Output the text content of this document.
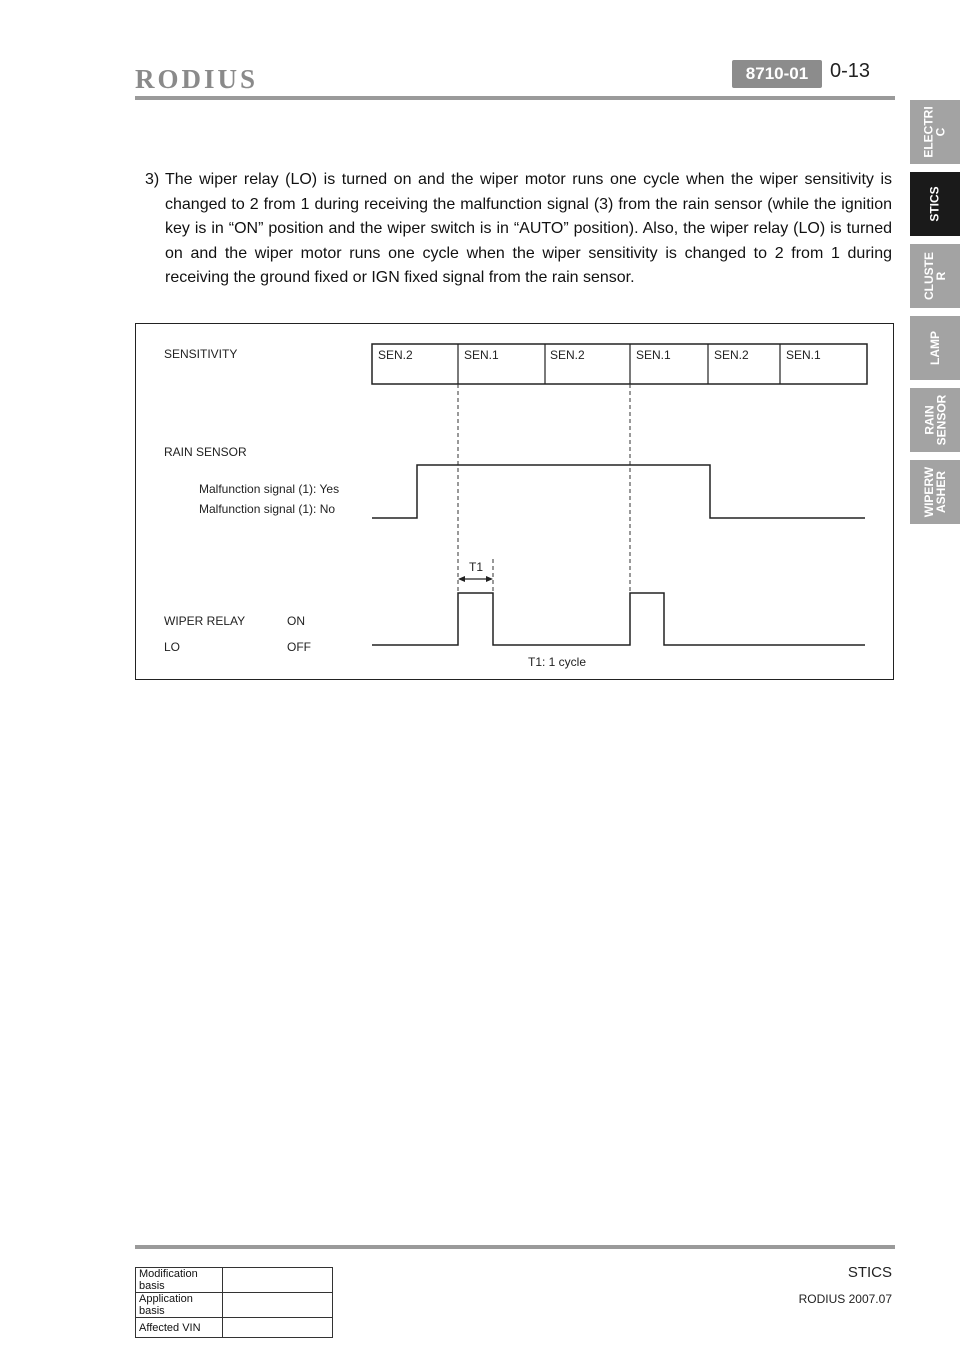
RODIUS	8710-01	0-13
ELECTRI
C
STICS
CLUSTE
R
LAMP
RAIN
SENSOR
WIPERW
ASHER
3) The wiper relay (LO) is turned on and the wiper motor runs one cycle when the wiper sensitivity is changed to 2 from 1 during receiving the malfunction signal (3) from the rain sensor (while the ignition key is in “ON” position and the wiper switch is in “AUTO” position). Also, the wiper relay (LO) is turned on and the wiper motor runs one cycle when the wiper sensitivity is changed to 2 from 1 during receiving the ground fixed or IGN fixed signal from the rain sensor.
SENSITIVITY
RAIN SENSOR
Malfunction signal (1): Yes
Malfunction signal (1): No
WIPER RELAY
LO
ON
OFF
SEN.2	SEN.1	SEN.2	SEN.1	SEN.2	SEN.1
T1
T1: 1 cycle
STICS
RODIUS 2007.07
Modification basis	
Application basis	
Affected VIN	
